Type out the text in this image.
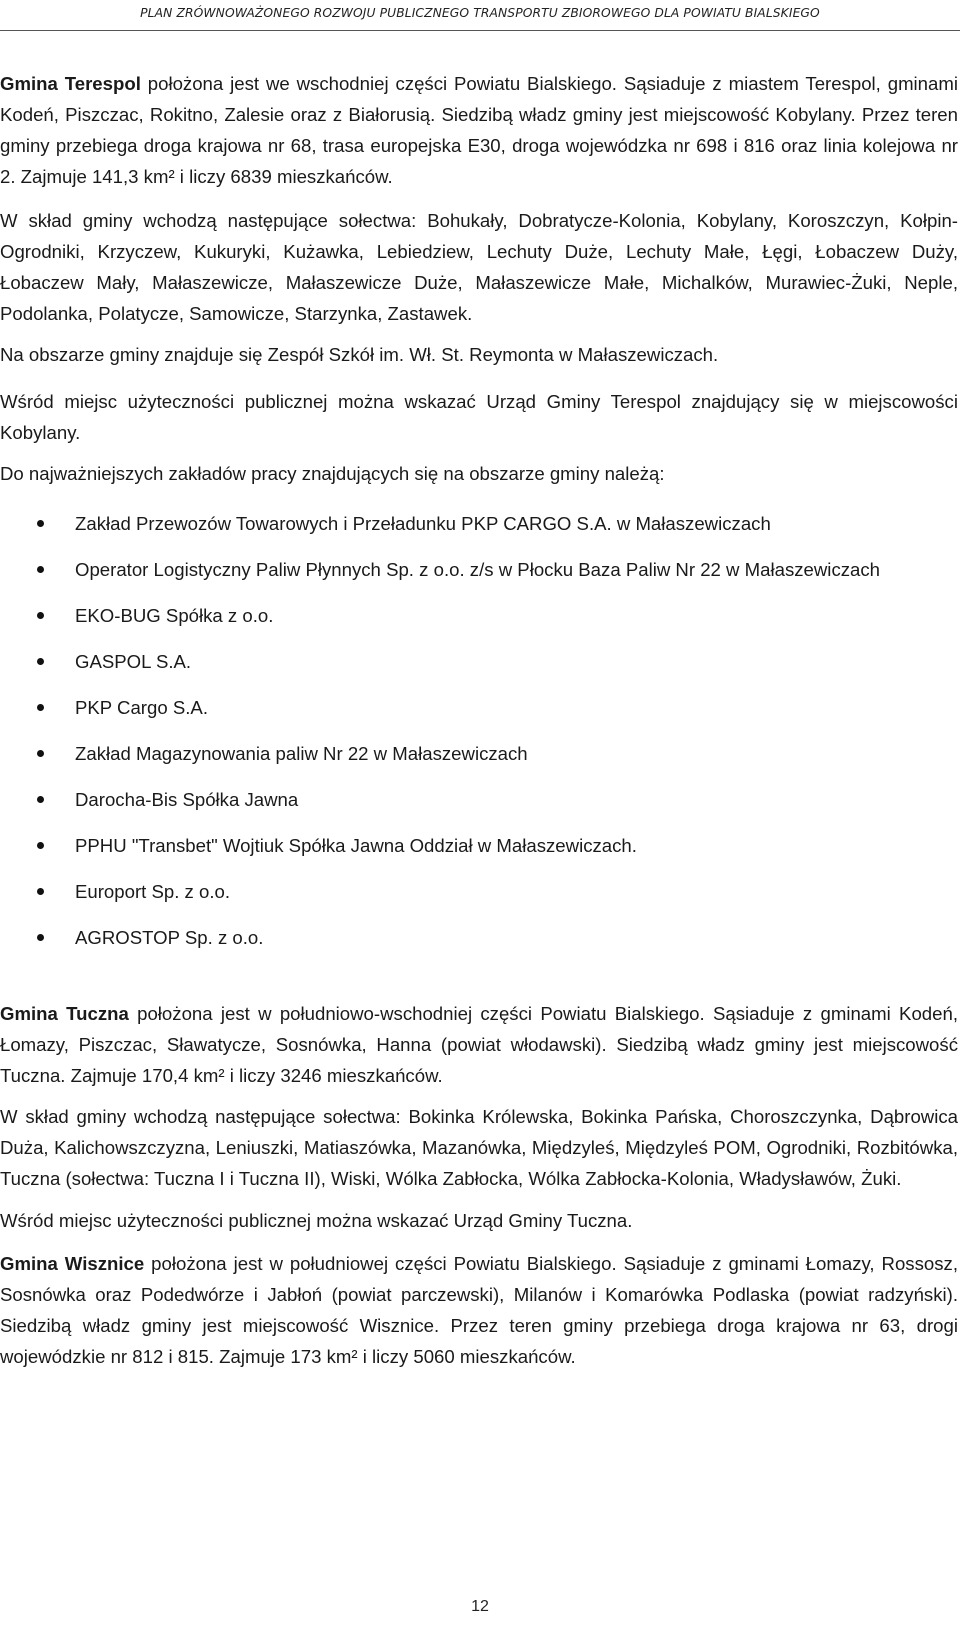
PLAN ZRÓWNOWAŻONEGO ROZWOJU PUBLICZNEGO TRANSPORTU ZBIOROWEGO DLA POWIATU BIALSKIEGO

Gmina Terespol położona jest we wschodniej części Powiatu Bialskiego. Sąsiaduje z miastem Terespol, gminami Kodeń, Piszczac, Rokitno, Zalesie oraz z Białorusią. Siedzibą władz gminy jest miejscowość Kobylany. Przez teren gminy przebiega droga krajowa nr 68, trasa europejska E30, droga wojewódzka nr 698 i 816 oraz linia kolejowa nr 2. Zajmuje 141,3 km² i liczy 6839 mieszkańców.

W skład gminy wchodzą następujące sołectwa: Bohukały, Dobratycze-Kolonia, Kobylany, Koroszczyn, Kołpin-Ogrodniki, Krzyczew, Kukuryki, Kużawka, Lebiedziew, Lechuty Duże, Lechuty Małe, Łęgi, Łobaczew Duży, Łobaczew Mały, Małaszewicze, Małaszewicze Duże, Małaszewicze Małe, Michalków, Murawiec-Żuki, Neple, Podolanka, Polatycze, Samowicze, Starzynka, Zastawek.

Na obszarze gminy znajduje się Zespół Szkół im. Wł. St. Reymonta w Małaszewiczach.

Wśród miejsc użyteczności publicznej można wskazać Urząd Gminy Terespol znajdujący się w miejscowości Kobylany.

Do najważniejszych zakładów pracy znajdujących się na obszarze gminy należą:

Zakład Przewozów Towarowych i Przeładunku PKP CARGO S.A. w Małaszewiczach
Operator Logistyczny Paliw Płynnych Sp. z o.o. z/s w Płocku Baza Paliw Nr 22 w Małaszewiczach
EKO-BUG Spółka z o.o.
GASPOL S.A.
PKP Cargo S.A.
Zakład Magazynowania paliw Nr 22 w Małaszewiczach
Darocha-Bis Spółka Jawna
PPHU "Transbet" Wojtiuk Spółka Jawna Oddział w Małaszewiczach.
Europort Sp. z o.o.
AGROSTOP Sp. z o.o.

Gmina Tuczna położona jest w południowo-wschodniej części Powiatu Bialskiego. Sąsiaduje z gminami Kodeń, Łomazy, Piszczac, Sławatycze, Sosnówka, Hanna (powiat włodawski). Siedzibą władz gminy jest miejscowość Tuczna. Zajmuje 170,4 km² i liczy 3246 mieszkańców.

W skład gminy wchodzą następujące sołectwa: Bokinka Królewska, Bokinka Pańska, Choroszczynka, Dąbrowica Duża, Kalichowszczyzna, Leniuszki, Matiaszówka, Mazanówka, Międzyleś, Międzyleś POM, Ogrodniki, Rozbitówka, Tuczna (sołectwa: Tuczna I i Tuczna II), Wiski, Wólka Zabłocka, Wólka Zabłocka-Kolonia, Władysławów, Żuki.

Wśród miejsc użyteczności publicznej można wskazać Urząd Gminy Tuczna.

Gmina Wisznice położona jest w południowej części Powiatu Bialskiego. Sąsiaduje z gminami Łomazy, Rossosz, Sosnówka oraz Podedwórze i Jabłoń (powiat parczewski), Milanów i Komarówka Podlaska (powiat radzyński). Siedzibą władz gminy jest miejscowość Wisznice. Przez teren gminy przebiega droga krajowa nr 63, drogi wojewódzkie nr 812 i 815. Zajmuje 173 km² i liczy 5060 mieszkańców.

12
